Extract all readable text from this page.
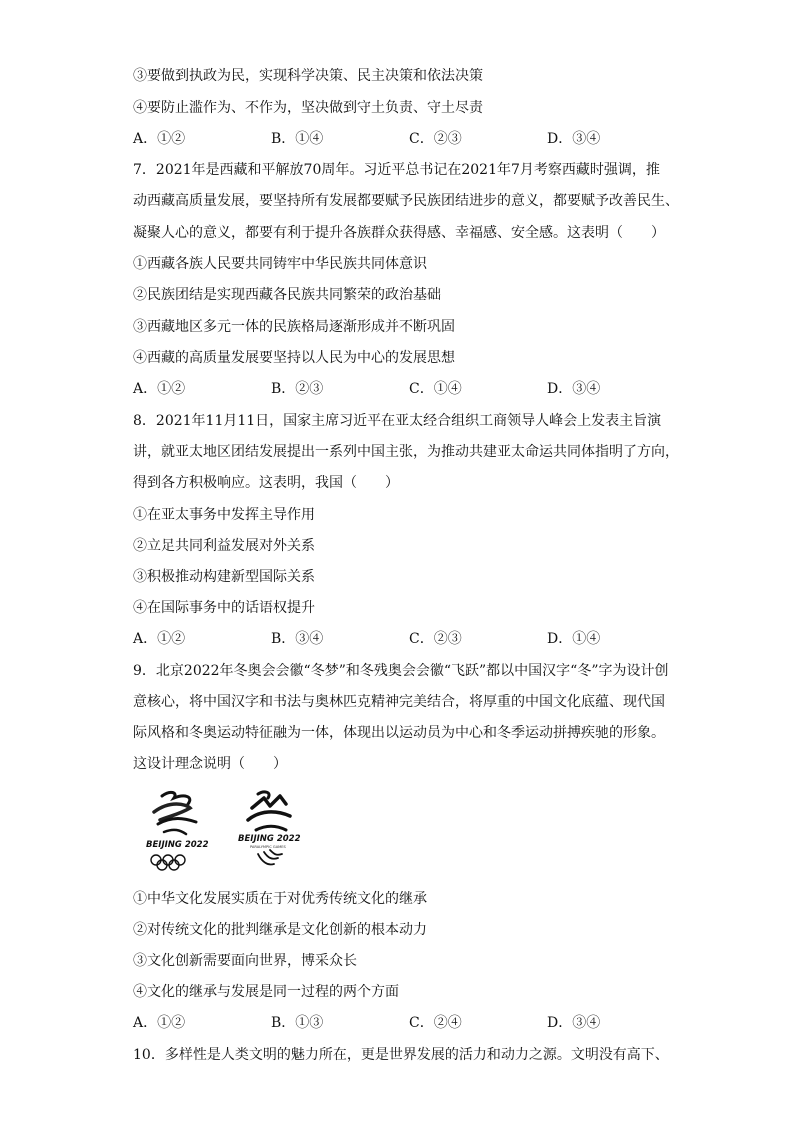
③要做到执政为民，实现科学决策、民主决策和依法决策
④要防止滥作为、不作为，坚决做到守土负责、守土尽责
A．①②	B．①④	C．②③	D．③④
7．2021年是西藏和平解放70周年。习近平总书记在2021年7月考察西藏时强调，推
动西藏高质量发展，要坚持所有发展都要赋予民族团结进步的意义，都要赋予改善民生、
凝聚人心的意义，都要有利于提升各族群众获得感、幸福感、安全感。这表明（　　）
①西藏各族人民要共同铸牢中华民族共同体意识
②民族团结是实现西藏各民族共同繁荣的政治基础
③西藏地区多元一体的民族格局逐渐形成并不断巩固
④西藏的高质量发展要坚持以人民为中心的发展思想
A．①②	B．②③	C．①④	D．③④
8．2021年11月11日，国家主席习近平在亚太经合组织工商领导人峰会上发表主旨演
讲，就亚太地区团结发展提出一系列中国主张，为推动共建亚太命运共同体指明了方向，
得到各方积极响应。这表明，我国（　　）
①在亚太事务中发挥主导作用
②立足共同利益发展对外关系
③积极推动构建新型国际关系
④在国际事务中的话语权提升
A．①②	B．③④	C．②③	D．①④
9．北京2022年冬奥会会徽“冬梦”和冬残奥会会徽“飞跃”都以中国汉字“冬”字为设计创
意核心，将中国汉字和书法与奥林匹克精神完美结合，将厚重的中国文化底蕴、现代国
际风格和冬奥运动特征融为一体，体现出以运动员为中心和冬季运动拼搏疾驰的形象。
这设计理念说明（　　）
BEIJING 2022
BEIJING 2022
PARALYMPIC GAMES
①中华文化发展实质在于对优秀传统文化的继承
②对传统文化的批判继承是文化创新的根本动力
③文化创新需要面向世界，博采众长
④文化的继承与发展是同一过程的两个方面
A．①②	B．①③	C．②④	D．③④
10．多样性是人类文明的魅力所在，更是世界发展的活力和动力之源。文明没有高下、
